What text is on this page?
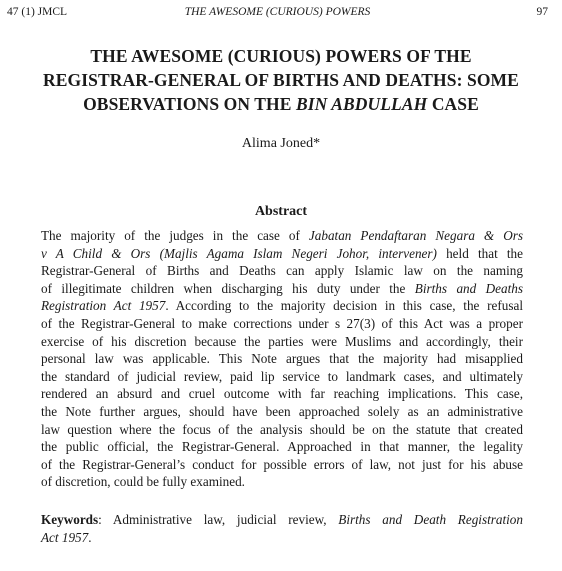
47 (1) JMCL	THE AWESOME (CURIOUS) POWERS	97
THE AWESOME (CURIOUS) POWERS OF THE
REGISTRAR-GENERAL OF BIRTHS AND DEATHS: SOME
OBSERVATIONS ON THE BIN ABDULLAH CASE
Alima Joned*
Abstract
The majority of the judges in the case of Jabatan Pendaftaran Negara & Ors
v A Child & Ors (Majlis Agama Islam Negeri Johor, intervener) held that the
Registrar-General of Births and Deaths can apply Islamic law on the naming
of illegitimate children when discharging his duty under the Births and Deaths
Registration Act 1957. According to the majority decision in this case, the refusal
of the Registrar-General to make corrections under s 27(3) of this Act was a proper
exercise of his discretion because the parties were Muslims and accordingly, their
personal law was applicable. This Note argues that the majority had misapplied
the standard of judicial review, paid lip service to landmark cases, and ultimately
rendered an absurd and cruel outcome with far reaching implications. This case,
the Note further argues, should have been approached solely as an administrative
law question where the focus of the analysis should be on the statute that created
the public official, the Registrar-General. Approached in that manner, the legality
of the Registrar-General’s conduct for possible errors of law, not just for his abuse
of discretion, could be fully examined.
Keywords: Administrative law, judicial review, Births and Death Registration
Act 1957.
